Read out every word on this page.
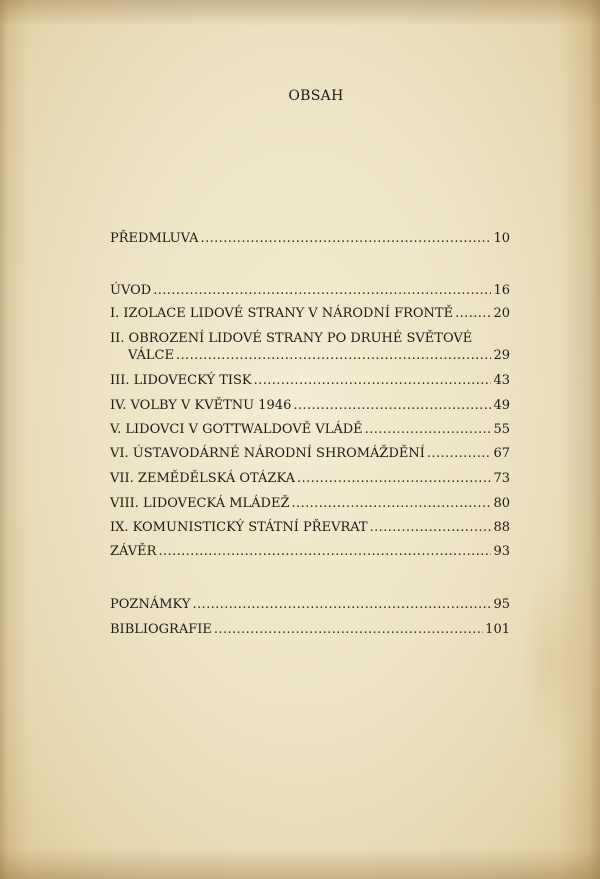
OBSAH
PŘEDMLUVA .....	10
ÚVOD .....	16
I. IZOLACE LIDOVÉ STRANY V NÁRODNÍ FRONTĚ .....	20
II. OBROZENÍ LIDOVÉ STRANY PO DRUHÉ SVĚTOVÉ
VÁLCE .....	29
III. LIDOVECKÝ TISK .....	43
IV. VOLBY V KVĚTNU 1946 .....	49
V. LIDOVCI V GOTTWALDOVĚ VLÁDĚ .....	55
VI. ÚSTAVODÁRNÉ NÁRODNÍ SHROMÁŽDĚNÍ .....	67
VII. ZEMĚDĚLSKÁ OTÁZKA .....	73
VIII. LIDOVECKÁ MLÁDEŽ .....	80
IX. KOMUNISTICKÝ STÁTNÍ PŘEVRAT .....	88
ZÁVĚR .....	93
POZNÁMKY .....	95
BIBLIOGRAFIE .....	101
